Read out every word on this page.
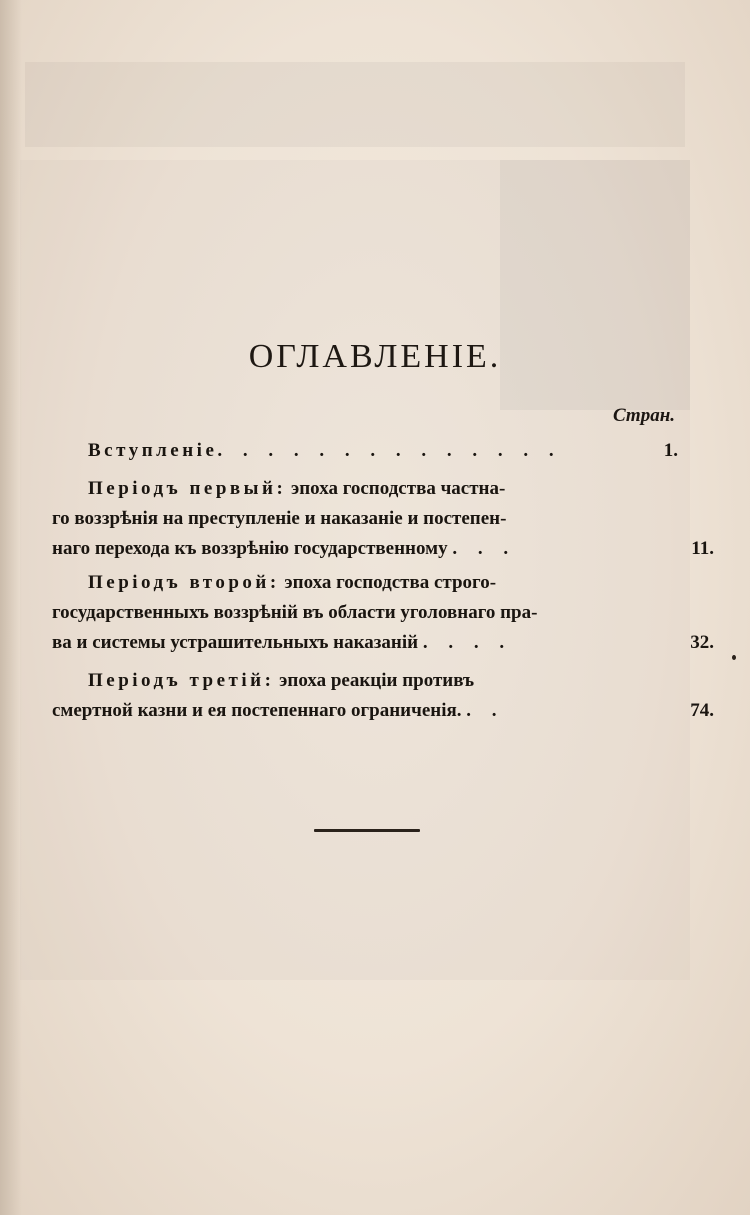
ОГЛАВЛЕНІЕ.
Стран.
Вступленіе. . . . . . . . . . . . . .	1.
Періодъ первый: эпоха господства частна-
го воззрѣнія на преступленіе и наказаніе и постепен-
наго перехода къ воззрѣнію государственному . . .	11.
Періодъ второй: эпоха господства строго-
государственныхъ воззрѣній въ области уголовнаго пра-
ва и системы устрашительныхъ наказаній . . . .	32.
Періодъ третій: эпоха реакціи противъ
смертной казни и ея постепеннаго ограниченія. . .	74.
